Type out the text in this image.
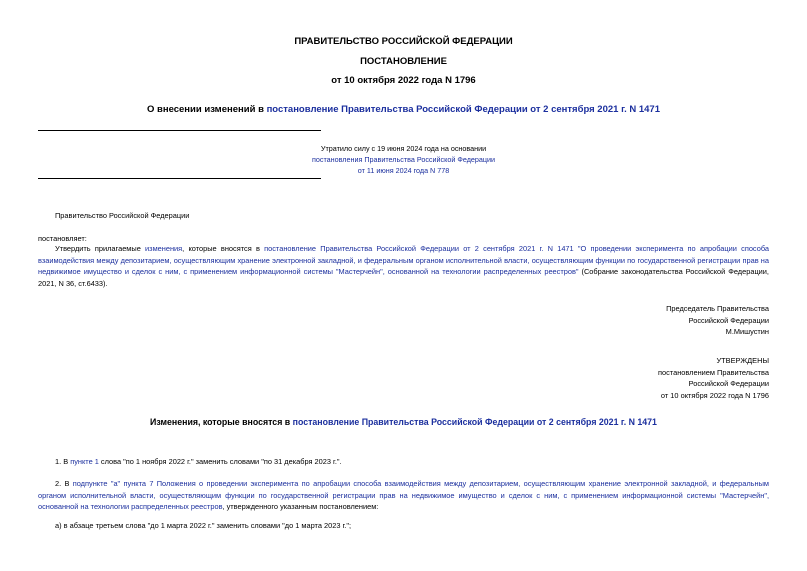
ПРАВИТЕЛЬСТВО РОССИЙСКОЙ ФЕДЕРАЦИИ
ПОСТАНОВЛЕНИЕ
от 10 октября 2022 года N 1796
О внесении изменений в постановление Правительства Российской Федерации от 2 сентября 2021 г. N 1471
Утратило силу с 19 июня 2024 года на основании
постановления Правительства Российской Федерации
от 11 июня 2024 года N 778
Правительство Российской Федерации
постановляет:
Утвердить прилагаемые изменения, которые вносятся в постановление Правительства Российской Федерации от 2 сентября 2021 г. N 1471 "О проведении эксперимента по апробации способа взаимодействия между депозитарием, осуществляющим хранение электронной закладной, и федеральным органом исполнительной власти, осуществляющим функции по государственной регистрации прав на недвижимое имущество и сделок с ним, с применением информационной системы "Мастерчейн", основанной на технологии распределенных реестров" (Собрание законодательства Российской Федерации, 2021, N 36, ст.6433).
Председатель Правительства
Российской Федерации
М.Мишустин
УТВЕРЖДЕНЫ
постановлением Правительства
Российской Федерации
от 10 октября 2022 года N 1796
Изменения, которые вносятся в постановление Правительства Российской Федерации от 2 сентября 2021 г. N 1471
1. В пункте 1 слова "по 1 ноября 2022 г." заменить словами "по 31 декабря 2023 г.".
2. В подпункте "а" пункта 7 Положения о проведении эксперимента по апробации способа взаимодействия между депозитарием, осуществляющим хранение электронной закладной, и федеральным органом исполнительной власти, осуществляющим функции по государственной регистрации прав на недвижимое имущество и сделок с ним, с применением информационной системы "Мастерчейн", основанной на технологии распределенных реестров, утвержденного указанным постановлением:
а) в абзаце третьем слова "до 1 марта 2022 г." заменить словами "до 1 марта 2023 г.";
